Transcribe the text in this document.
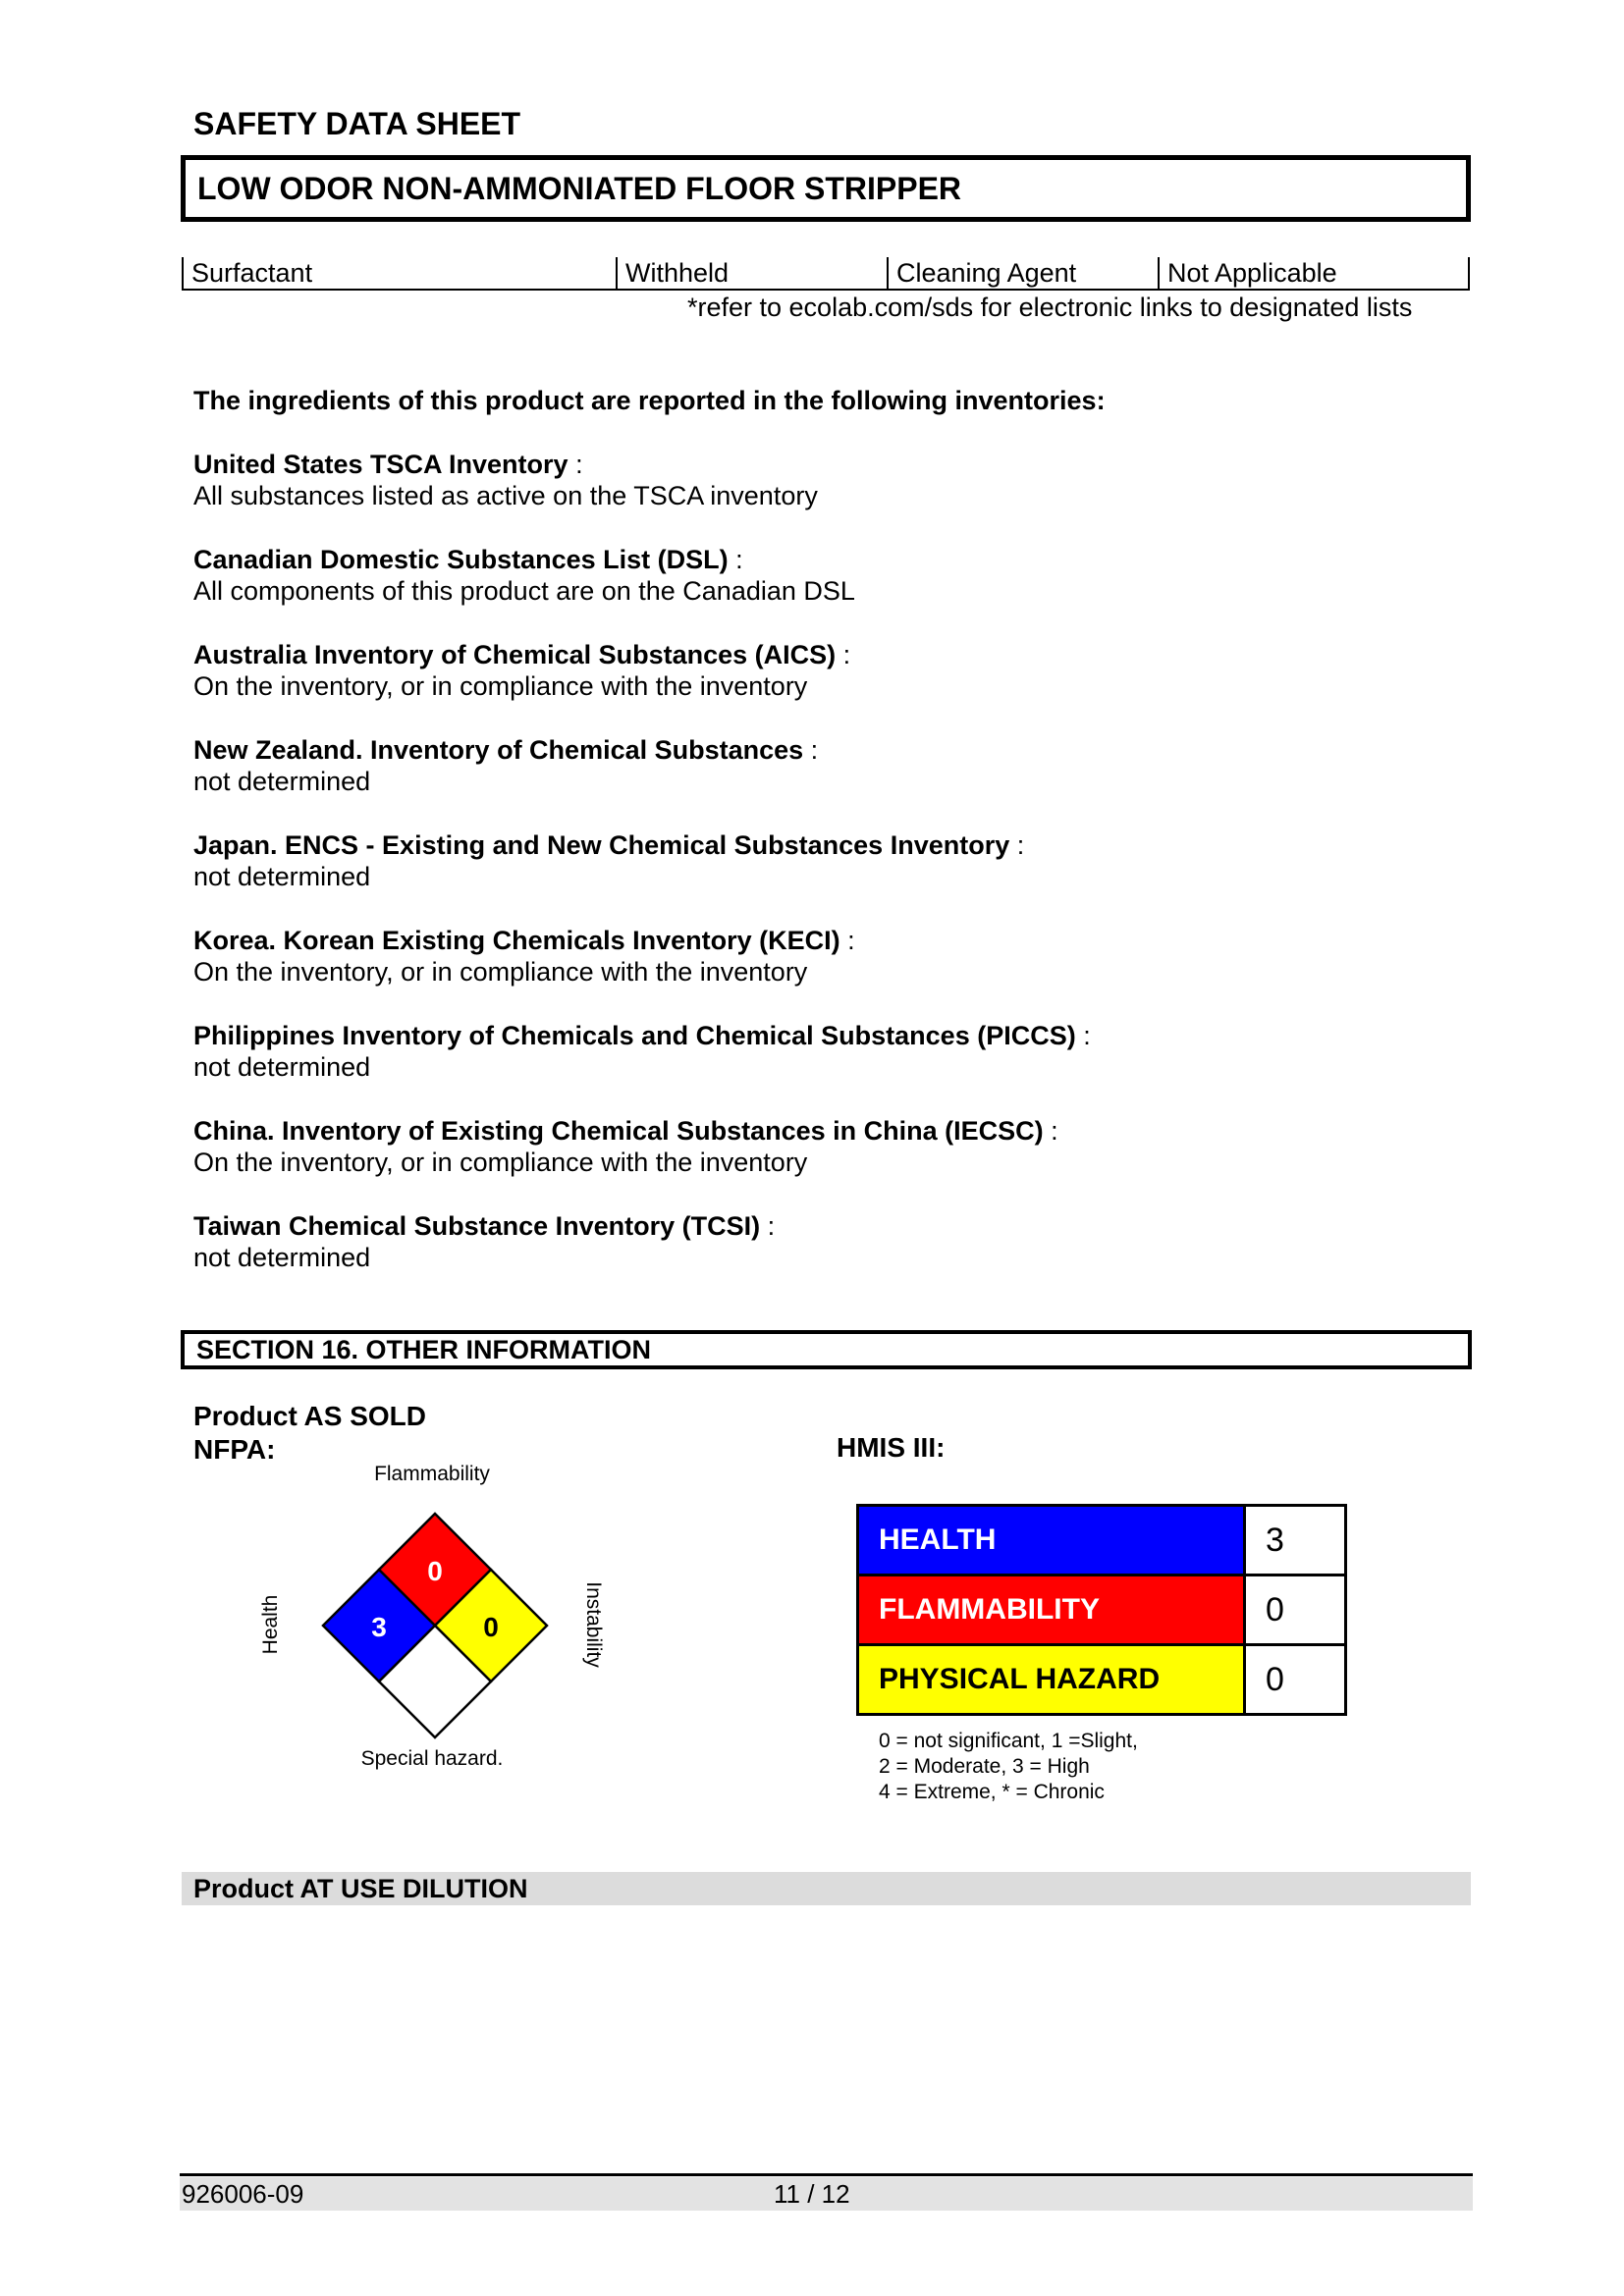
SAFETY DATA SHEET
LOW ODOR NON-AMMONIATED FLOOR STRIPPER
Surfactant	Withheld	Cleaning Agent	Not Applicable
*refer to ecolab.com/sds for electronic links to designated lists
The ingredients of this product are reported in the following inventories:
United States TSCA Inventory :
All substances listed as active on the TSCA inventory
Canadian Domestic Substances List (DSL) :
All components of this product are on the Canadian DSL
Australia Inventory of Chemical Substances (AICS) :
On the inventory, or in compliance with the inventory
New Zealand. Inventory of Chemical Substances :
not determined
Japan. ENCS - Existing and New Chemical Substances Inventory :
not determined
Korea. Korean Existing Chemicals Inventory (KECI) :
On the inventory, or in compliance with the inventory
Philippines Inventory of Chemicals and Chemical Substances (PICCS) :
not determined
China. Inventory of Existing Chemical Substances in China (IECSC) :
On the inventory, or in compliance with the inventory
Taiwan Chemical Substance Inventory (TCSI) :
not determined
SECTION 16. OTHER INFORMATION
Product AS SOLD
NFPA:	HMIS III:
Flammability
Health	Instability
Special hazard.
0
3	0
HEALTH	3
FLAMMABILITY	0
PHYSICAL HAZARD	0
0 = not significant, 1 =Slight,
2 = Moderate, 3 = High
4 = Extreme, * = Chronic
Product AT USE DILUTION
926006-09	11 / 12
